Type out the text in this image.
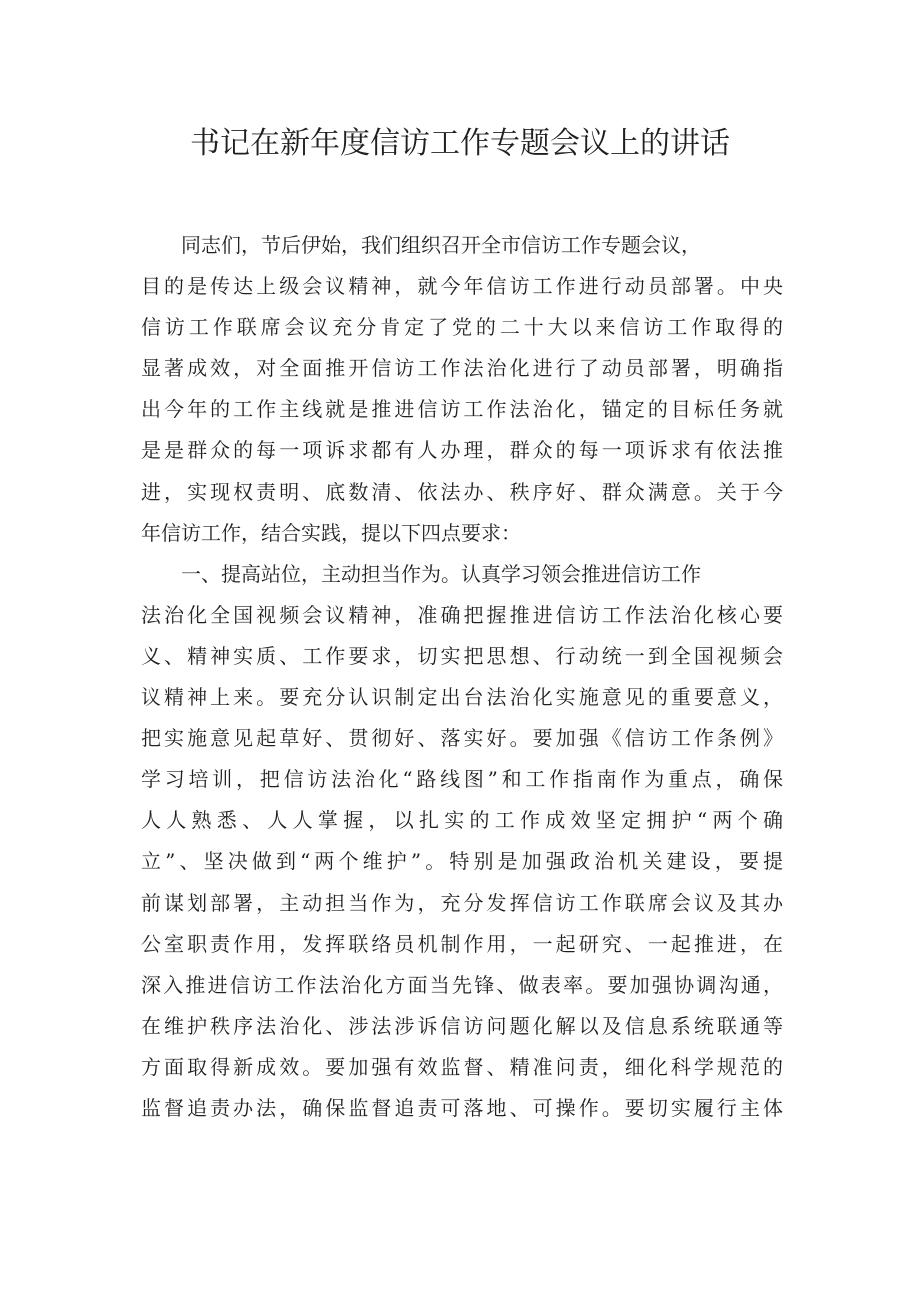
书记在新年度信访工作专题会议上的讲话
　　同志们，节后伊始，我们组织召开全市信访工作专题会议，
目的是传达上级会议精神，就今年信访工作进行动员部署。中央
信访工作联席会议充分肯定了党的二十大以来信访工作取得的
显著成效，对全面推开信访工作法治化进行了动员部署，明确指
出今年的工作主线就是推进信访工作法治化，锚定的目标任务就
是是群众的每一项诉求都有人办理，群众的每一项诉求有依法推
进，实现权责明、底数清、依法办、秩序好、群众满意。关于今
年信访工作，结合实践，提以下四点要求：
　　一、提高站位，主动担当作为。认真学习领会推进信访工作
法治化全国视频会议精神，准确把握推进信访工作法治化核心要
义、精神实质、工作要求，切实把思想、行动统一到全国视频会
议精神上来。要充分认识制定出台法治化实施意见的重要意义，
把实施意见起草好、贯彻好、落实好。要加强《信访工作条例》
学习培训，把信访法治化“路线图”和工作指南作为重点，确保
人人熟悉、人人掌握，以扎实的工作成效坚定拥护“两个确
立”、坚决做到“两个维护”。特别是加强政治机关建设，要提
前谋划部署，主动担当作为，充分发挥信访工作联席会议及其办
公室职责作用，发挥联络员机制作用，一起研究、一起推进，在
深入推进信访工作法治化方面当先锋、做表率。要加强协调沟通，
在维护秩序法治化、涉法涉诉信访问题化解以及信息系统联通等
方面取得新成效。要加强有效监督、精准问责，细化科学规范的
监督追责办法，确保监督追责可落地、可操作。要切实履行主体
